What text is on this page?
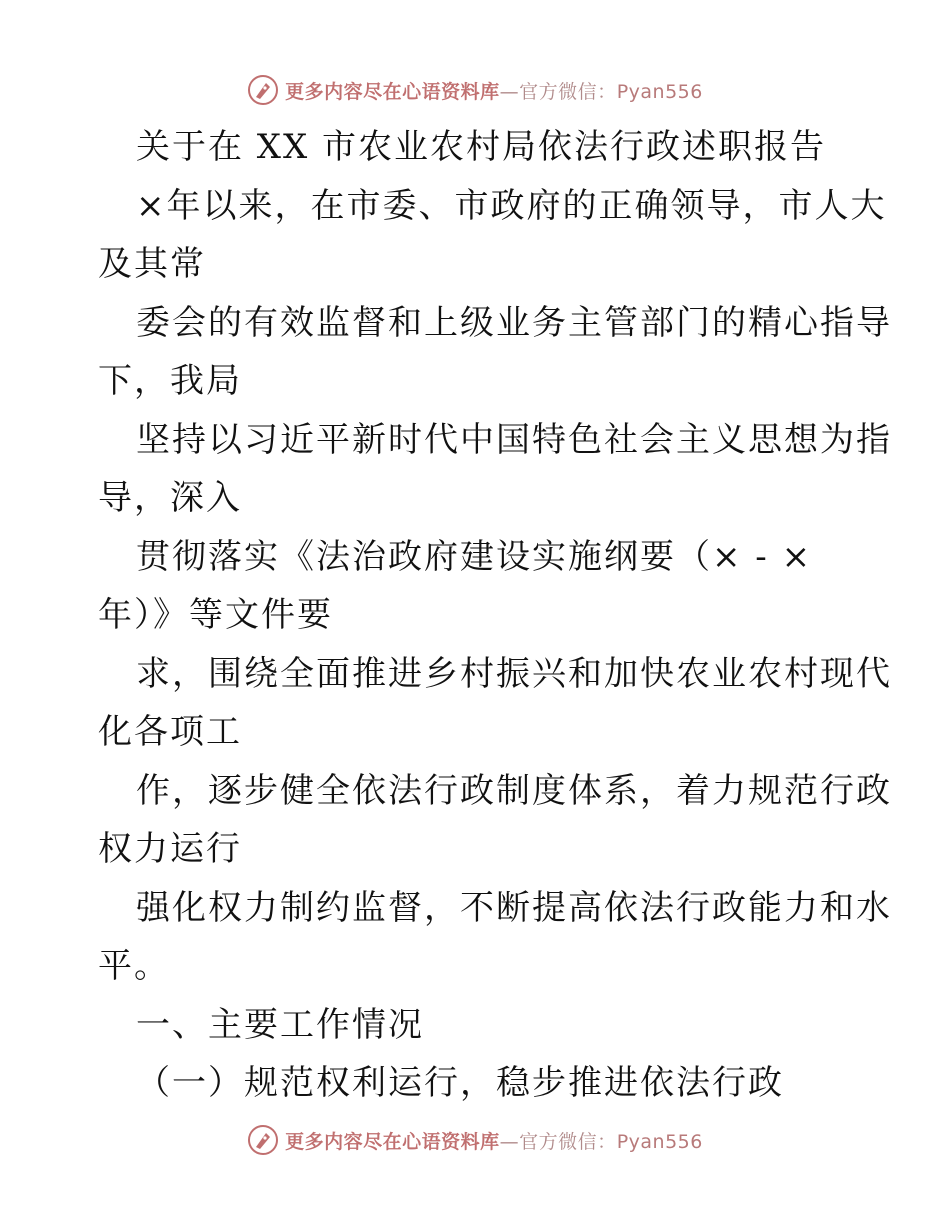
更多内容尽在心语资料库—官方微信：Pyan556
关于在 XX 市农业农村局依法行政述职报告
×年以来，在市委、市政府的正确领导，市人大
及其常
委会的有效监督和上级业务主管部门的精心指导
下，我局
坚持以习近平新时代中国特色社会主义思想为指
导，深入
贯彻落实《法治政府建设实施纲要（× - ×
年）》等文件要
求，围绕全面推进乡村振兴和加快农业农村现代
化各项工
作，逐步健全依法行政制度体系，着力规范行政
权力运行
强化权力制约监督，不断提高依法行政能力和水
平。
一、主要工作情况
（一）规范权利运行，稳步推进依法行政
更多内容尽在心语资料库—官方微信：Pyan556
